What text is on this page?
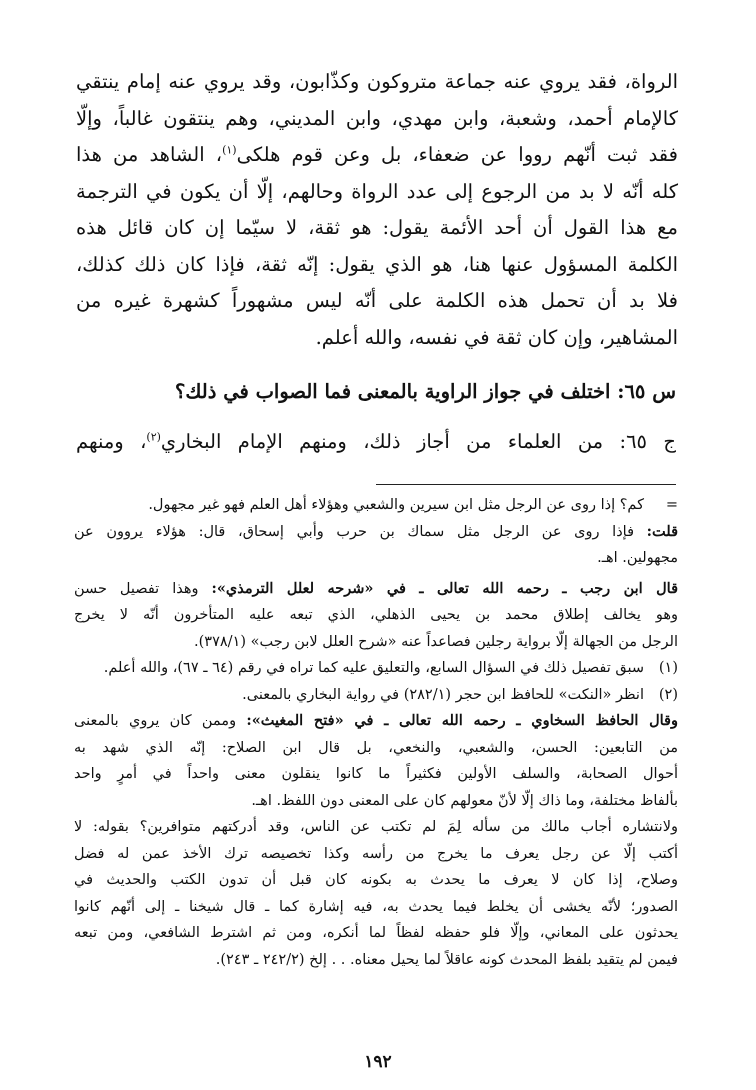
الرواة، فقد يروي عنه جماعة متروكون وكذّابون، وقد يروي عنه إمام ينتقي
كالإمام أحمد، وشعبة، وابن مهدي، وابن المديني، وهم ينتقون غالباً، وإلّا
فقد ثبت أنّهم رووا عن ضعفاء، بل وعن قوم هلكى$^{(١)}$، الشاهد من هذا
كله أنّه لا بد من الرجوع إلى عدد الرواة وحالهم، إلّا أن يكون في الترجمة
مع هذا القول أن أحد الأئمة يقول: هو ثقة، لا سيّما إن كان قائل هذه
الكلمة المسؤول عنها هنا، هو الذي يقول: إنّه ثقة، فإذا كان ذلك كذلك،
فلا بد أن تحمل هذه الكلمة على أنّه ليس مشهوراً كشهرة غيره من
المشاهير، وإن كان ثقة في نفسه، والله أعلم.
س ٦٥: اختلف في جواز الراوية بالمعنى فما الصواب في ذلك؟
ج ٦٥: من العلماء من أجاز ذلك، ومنهم الإمام البخاري$^{(٢)}$، ومنهم
=
كم؟ إذا روى عن الرجل مثل ابن سيرين والشعبي وهؤلاء أهل العلم فهو غير مجهول.
قلت: فإذا روى عن الرجل مثل سماك بن حرب وأبي إسحاق، قال: هؤلاء يروون عن
مجهولين. اهـ.
قال ابن رجب ـ رحمه الله تعالى ـ في «شرحه لعلل الترمذي»: وهذا تفصيل حسن
وهو يخالف إطلاق محمد بن يحيى الذهلي، الذي تبعه عليه المتأخرون أنّه لا يخرج
الرجل من الجهالة إلّا برواية رجلين فصاعداً عنه «شرح العلل لابن رجب» (٣٧٨/١).
(١)
سبق تفصيل ذلك في السؤال السابع، والتعليق عليه كما تراه في رقم (٦٤ ـ ٦٧)، والله أعلم.
(٢)
انظر «النكت» للحافظ ابن حجر (٢٨٢/١) في رواية البخاري بالمعنى.
وقال الحافظ السخاوي ـ رحمه الله تعالى ـ في «فتح المغيث»: وممن كان يروي بالمعنى
من التابعين: الحسن، والشعبي، والنخعي، بل قال ابن الصلاح: إنّه الذي شهد به
أحوال الصحابة، والسلف الأولين فكثيراً ما كانوا ينقلون معنى واحداً في أمرٍ واحد
بألفاظ مختلفة، وما ذاك إلّا لأنّ معولهم كان على المعنى دون اللفظ. اهـ.
ولانتشاره أجاب مالك من سأله لِمَ لم تكتب عن الناس، وقد أدركتهم متوافرين؟ بقوله: لا
أكتب إلّا عن رجل يعرف ما يخرج من رأسه وكذا تخصيصه ترك الأخذ عمن له فضل
وصلاح، إذا كان لا يعرف ما يحدث به بكونه كان قبل أن تدون الكتب والحديث في
الصدور؛ لأنّه يخشى أن يخلط فيما يحدث به، فيه إشارة كما ـ قال شيخنا ـ إلى أنّهم كانوا
يحدثون على المعاني، وإلّا فلو حفظه لفظاً لما أنكره، ومن ثم اشترط الشافعي، ومن تبعه
فيمن لم يتقيد بلفظ المحدث كونه عاقلاً لما يحيل معناه. . . إلخ (٢٤٢/٢ ـ ٢٤٣).
١٩٢
